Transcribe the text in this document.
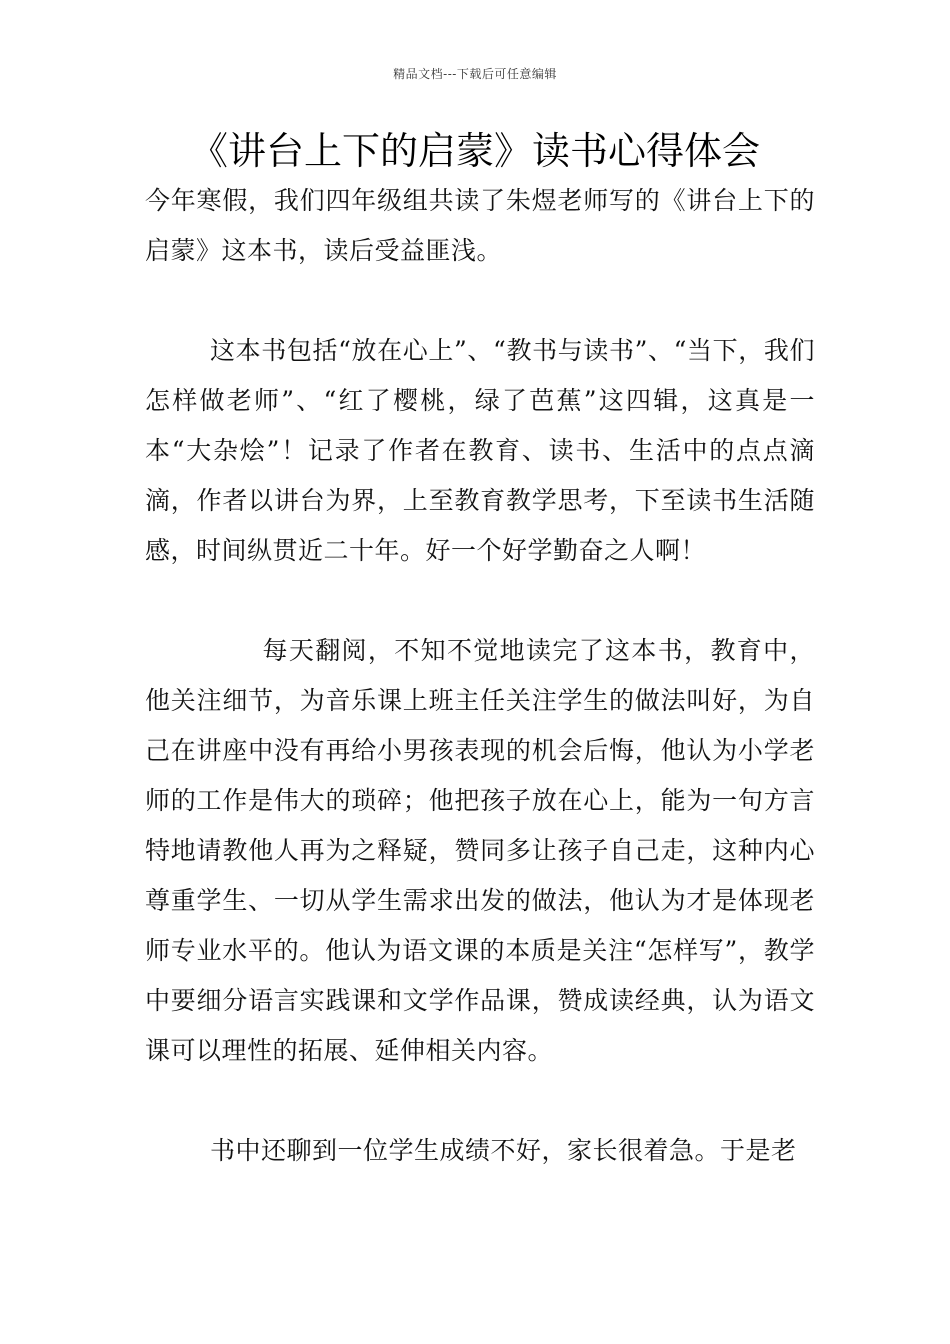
精品文档---下载后可任意编辑
《讲台上下的启蒙》读书心得体会

今年寒假，我们四年级组共读了朱煜老师写的《讲台上下的启蒙》这本书，读后受益匪浅。

这本书包括“放在心上”、“教书与读书”、“当下，我们怎样做老师”、“红了樱桃，绿了芭蕉”这四辑，这真是一本“大杂烩”！记录了作者在教育、读书、生活中的点点滴滴，作者以讲台为界，上至教育教学思考，下至读书生活随感，时间纵贯近二十年。好一个好学勤奋之人啊！

每天翻阅，不知不觉地读完了这本书，教育中，他关注细节，为音乐课上班主任关注学生的做法叫好，为自己在讲座中没有再给小男孩表现的机会后悔，他认为小学老师的工作是伟大的琐碎；他把孩子放在心上，能为一句方言特地请教他人再为之释疑，赞同多让孩子自己走，这种内心尊重学生、一切从学生需求出发的做法，他认为才是体现老师专业水平的。他认为语文课的本质是关注“怎样写”，教学中要细分语言实践课和文学作品课，赞成读经典，认为语文课可以理性的拓展、延伸相关内容。

书中还聊到一位学生成绩不好，家长很着急。于是老
